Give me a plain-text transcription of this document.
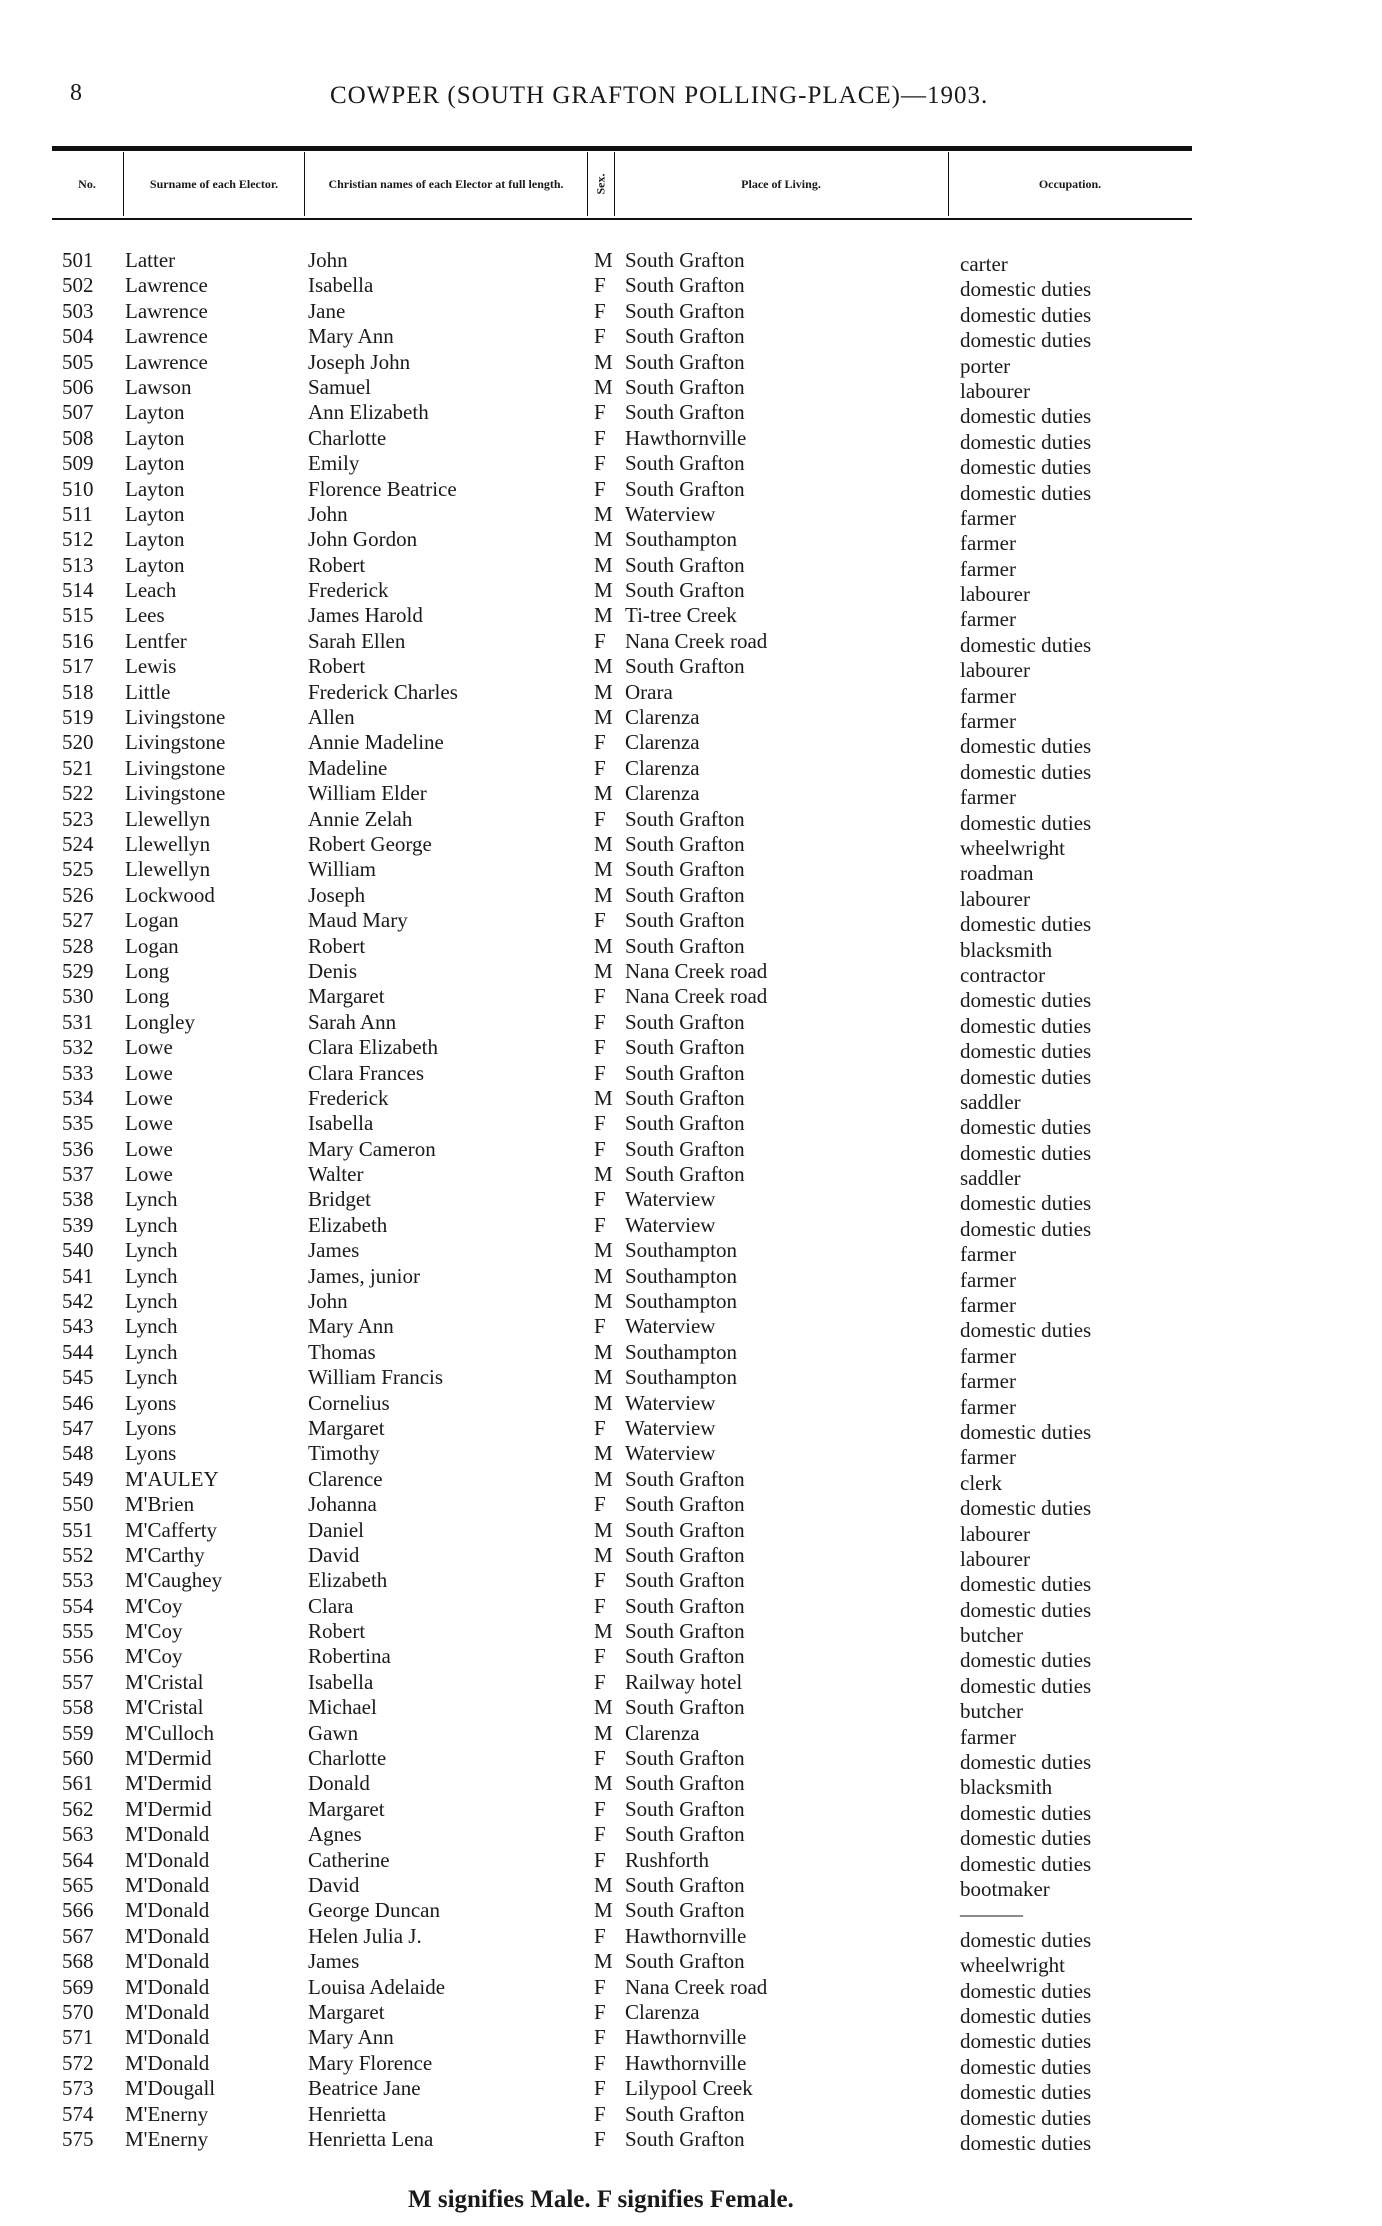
8	COWPER (SOUTH GRAFTON POLLING-PLACE)—1903.
No.	Surname of each Elector.	Christian names of each Elector at full length.	Sex.	Place of Living.	Occupation.
501	Latter	John	M South Grafton	carter
502	Lawrence	Isabella	F South Grafton	domestic duties
503	Lawrence	Jane	F South Grafton	domestic duties
504	Lawrence	Mary Ann	F South Grafton	domestic duties
505	Lawrence	Joseph John	M South Grafton	porter
506	Lawson	Samuel	M South Grafton	labourer
507	Layton	Ann Elizabeth	F South Grafton	domestic duties
508	Layton	Charlotte	F Hawthornville	domestic duties
509	Layton	Emily	F South Grafton	domestic duties
510	Layton	Florence Beatrice	F South Grafton	domestic duties
511	Layton	John	M Waterview	farmer
512	Layton	John Gordon	M Southampton	farmer
513	Layton	Robert	M South Grafton	farmer
514	Leach	Frederick	M South Grafton	labourer
515	Lees	James Harold	M Ti-tree Creek	farmer
516	Lentfer	Sarah Ellen	F Nana Creek road	domestic duties
517	Lewis	Robert	M South Grafton	labourer
518	Little	Frederick Charles	M Orara	farmer
519	Livingstone	Allen	M Clarenza	farmer
520	Livingstone	Annie Madeline	F Clarenza	domestic duties
521	Livingstone	Madeline	F Clarenza	domestic duties
522	Livingstone	William Elder	M Clarenza	farmer
523	Llewellyn	Annie Zelah	F South Grafton	domestic duties
524	Llewellyn	Robert George	M South Grafton	wheelwright
525	Llewellyn	William	M South Grafton	roadman
526	Lockwood	Joseph	M South Grafton	labourer
527	Logan	Maud Mary	F South Grafton	domestic duties
528	Logan	Robert	M South Grafton	blacksmith
529	Long	Denis	M Nana Creek road	contractor
530	Long	Margaret	F Nana Creek road	domestic duties
531	Longley	Sarah Ann	F South Grafton	domestic duties
532	Lowe	Clara Elizabeth	F South Grafton	domestic duties
533	Lowe	Clara Frances	F South Grafton	domestic duties
534	Lowe	Frederick	M South Grafton	saddler
535	Lowe	Isabella	F South Grafton	domestic duties
536	Lowe	Mary Cameron	F South Grafton	domestic duties
537	Lowe	Walter	M South Grafton	saddler
538	Lynch	Bridget	F Waterview	domestic duties
539	Lynch	Elizabeth	F Waterview	domestic duties
540	Lynch	James	M Southampton	farmer
541	Lynch	James, junior	M Southampton	farmer
542	Lynch	John	M Southampton	farmer
543	Lynch	Mary Ann	F Waterview	domestic duties
544	Lynch	Thomas	M Southampton	farmer
545	Lynch	William Francis	M Southampton	farmer
546	Lyons	Cornelius	M Waterview	farmer
547	Lyons	Margaret	F Waterview	domestic duties
548	Lyons	Timothy	M Waterview	farmer
549	M'AULEY	Clarence	M South Grafton	clerk
550	M'Brien	Johanna	F South Grafton	domestic duties
551	M'Cafferty	Daniel	M South Grafton	labourer
552	M'Carthy	David	M South Grafton	labourer
553	M'Caughey	Elizabeth	F South Grafton	domestic duties
554	M'Coy	Clara	F South Grafton	domestic duties
555	M'Coy	Robert	M South Grafton	butcher
556	M'Coy	Robertina	F South Grafton	domestic duties
557	M'Cristal	Isabella	F Railway hotel	domestic duties
558	M'Cristal	Michael	M South Grafton	butcher
559	M'Culloch	Gawn	M Clarenza	farmer
560	M'Dermid	Charlotte	F South Grafton	domestic duties
561	M'Dermid	Donald	M South Grafton	blacksmith
562	M'Dermid	Margaret	F South Grafton	domestic duties
563	M'Donald	Agnes	F South Grafton	domestic duties
564	M'Donald	Catherine	F Rushforth	domestic duties
565	M'Donald	David	M South Grafton	bootmaker
566	M'Donald	George Duncan	M South Grafton	———
567	M'Donald	Helen Julia J.	F Hawthornville	domestic duties
568	M'Donald	James	M South Grafton	wheelwright
569	M'Donald	Louisa Adelaide	F Nana Creek road	domestic duties
570	M'Donald	Margaret	F Clarenza	domestic duties
571	M'Donald	Mary Ann	F Hawthornville	domestic duties
572	M'Donald	Mary Florence	F Hawthornville	domestic duties
573	M'Dougall	Beatrice Jane	F Lilypool Creek	domestic duties
574	M'Enerny	Henrietta	F South Grafton	domestic duties
575	M'Enerny	Henrietta Lena	F South Grafton	domestic duties
M signifies Male. F signifies Female.
